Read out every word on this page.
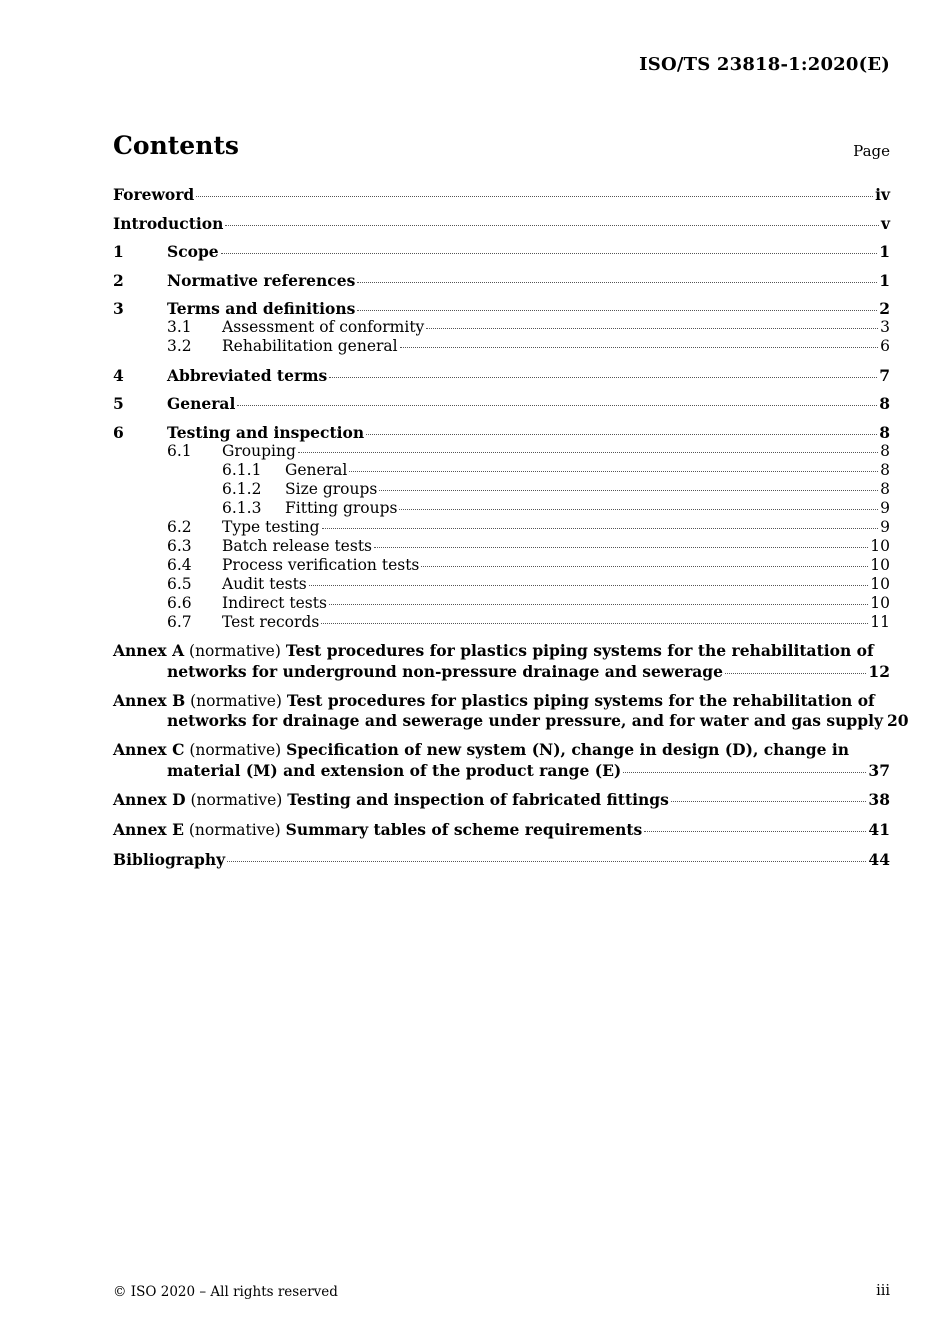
ISO/TS 23818-1:2020(E)
Contents	Page
Foreword	iv
Introduction	v
1	Scope	1
2	Normative references	1
3	Terms and definitions	2
3.1	Assessment of conformity	3
3.2	Rehabilitation general	6
4	Abbreviated terms	7
5	General	8
6	Testing and inspection	8
6.1	Grouping	8
6.1.1	General	8
6.1.2	Size groups	8
6.1.3	Fitting groups	9
6.2	Type testing	9
6.3	Batch release tests	10
6.4	Process verification tests	10
6.5	Audit tests	10
6.6	Indirect tests	10
6.7	Test records	11
Annex A (normative) Test procedures for plastics piping systems for the rehabilitation of
networks for underground non-pressure drainage and sewerage	12
Annex B (normative) Test procedures for plastics piping systems for the rehabilitation of
networks for drainage and sewerage under pressure, and for water and gas supply 20
Annex C (normative) Specification of new system (N), change in design (D), change in
material (M) and extension of the product range (E)	37
Annex D
(normative)
Testing and inspection of fabricated fittings	38
Annex E
(normative)
Summary tables of scheme requirements	41
Bibliography	44
© ISO 2020 – All rights reserved	iii
